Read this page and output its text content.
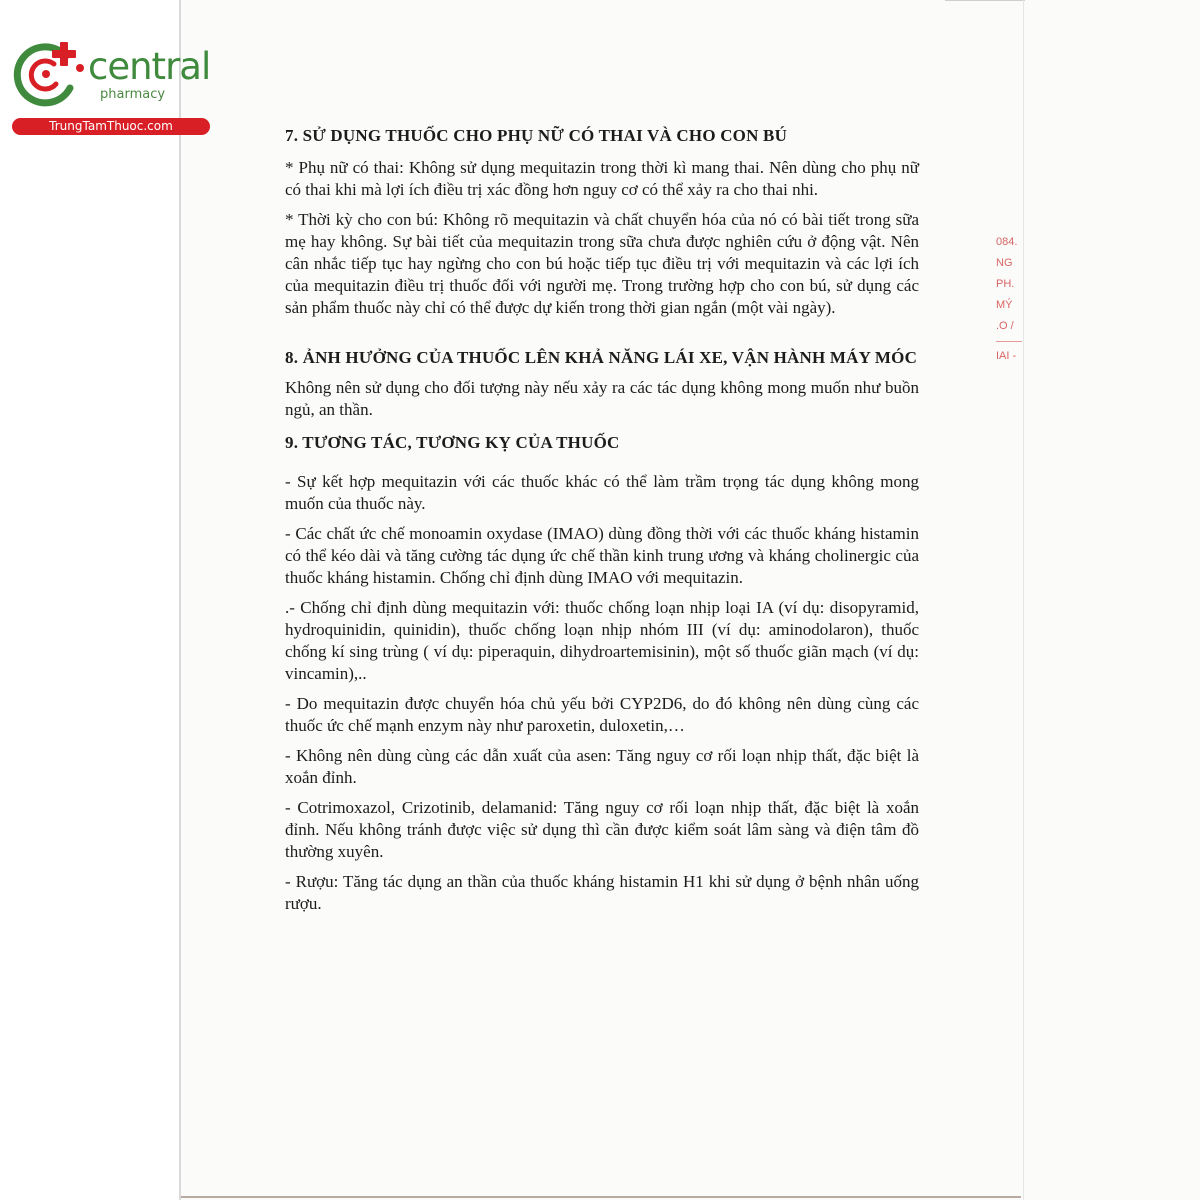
central
pharmacy
TrungTamThuoc.com
084.
NG
PH.
MÝ
.O /
IAI -
7. SỬ DỤNG THUỐC CHO PHỤ NỮ CÓ THAI VÀ CHO CON BÚ

* Phụ nữ có thai: Không sử dụng mequitazin trong thời kì mang thai. Nên dùng cho phụ nữ có thai khi mà lợi ích điều trị xác đồng hơn nguy cơ có thể xảy ra cho thai nhi.

* Thời kỳ cho con bú: Không rõ mequitazin và chất chuyển hóa của nó có bài tiết trong sữa mẹ hay không. Sự bài tiết của mequitazin trong sữa chưa được nghiên cứu ở động vật. Nên cân nhắc tiếp tục hay ngừng cho con bú hoặc tiếp tục điều trị với mequitazin và các lợi ích của mequitazin điều trị thuốc đối với người mẹ. Trong trường hợp cho con bú, sử dụng các sản phẩm thuốc này chỉ có thể được dự kiến trong thời gian ngắn (một vài ngày).

8. ẢNH HƯỞNG CỦA THUỐC LÊN KHẢ NĂNG LÁI XE, VẬN HÀNH MÁY MÓC

Không nên sử dụng cho đối tượng này nếu xảy ra các tác dụng không mong muốn như buồn ngủ, an thần.

9. TƯƠNG TÁC, TƯƠNG KỴ CỦA THUỐC

- Sự kết hợp mequitazin với các thuốc khác có thể làm trầm trọng tác dụng không mong muốn của thuốc này.

- Các chất ức chế monoamin oxydase (IMAO) dùng đồng thời với các thuốc kháng histamin có thể kéo dài và tăng cường tác dụng ức chế thần kinh trung ương và kháng cholinergic của thuốc kháng histamin. Chống chỉ định dùng IMAO với mequitazin.

.- Chống chỉ định dùng mequitazin với: thuốc chống loạn nhịp loại IA (ví dụ: disopyramid, hydroquinidin, quinidin), thuốc chống loạn nhịp nhóm III (ví dụ: aminodolaron), thuốc chống kí sing trùng ( ví dụ: piperaquin, dihydroartemisinin), một số thuốc giãn mạch (ví dụ: vincamin),..

- Do mequitazin được chuyển hóa chủ yếu bởi CYP2D6, do đó không nên dùng cùng các thuốc ức chế mạnh enzym này như paroxetin, duloxetin,…

- Không nên dùng cùng các dẫn xuất của asen: Tăng nguy cơ rối loạn nhịp thất, đặc biệt là xoắn đỉnh.

- Cotrimoxazol, Crizotinib, delamanid: Tăng nguy cơ rối loạn nhịp thất, đặc biệt là xoắn đỉnh. Nếu không tránh được việc sử dụng thì cần được kiểm soát lâm sàng và điện tâm đồ thường xuyên.

- Rượu: Tăng tác dụng an thần của thuốc kháng histamin H1 khi sử dụng ở bệnh nhân uống rượu.
